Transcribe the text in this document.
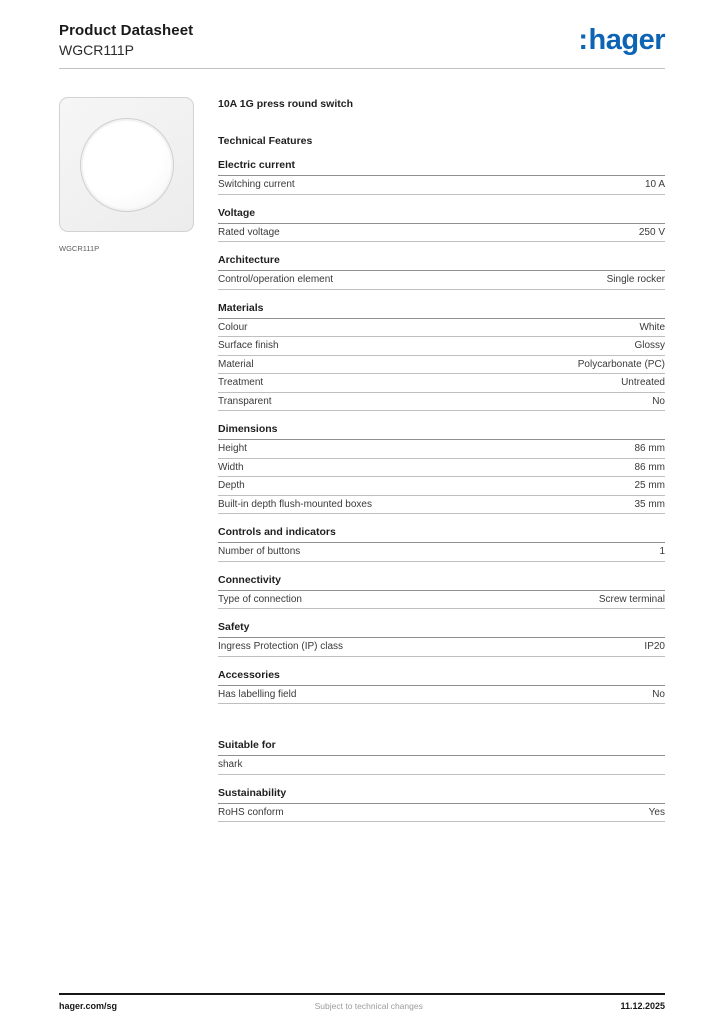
Product Datasheet
WGCR111P	:hager
WGCR111P
10A 1G press round switch
Technical Features
Electric current
Switching current	10 A
Voltage
Rated voltage	250 V
Architecture
Control/operation element	Single rocker
Materials
Colour	White
Surface finish	Glossy
Material	Polycarbonate (PC)
Treatment	Untreated
Transparent	No
Dimensions
Height	86 mm
Width	86 mm
Depth	25 mm
Built-in depth flush-mounted boxes	35 mm
Controls and indicators
Number of buttons	1
Connectivity
Type of connection	Screw terminal
Safety
Ingress Protection (IP) class	IP20
Accessories
Has labelling field	No
Suitable for
shark
Sustainability
RoHS conform	Yes
hager.com/sg	Subject to technical changes	11.12.2025
